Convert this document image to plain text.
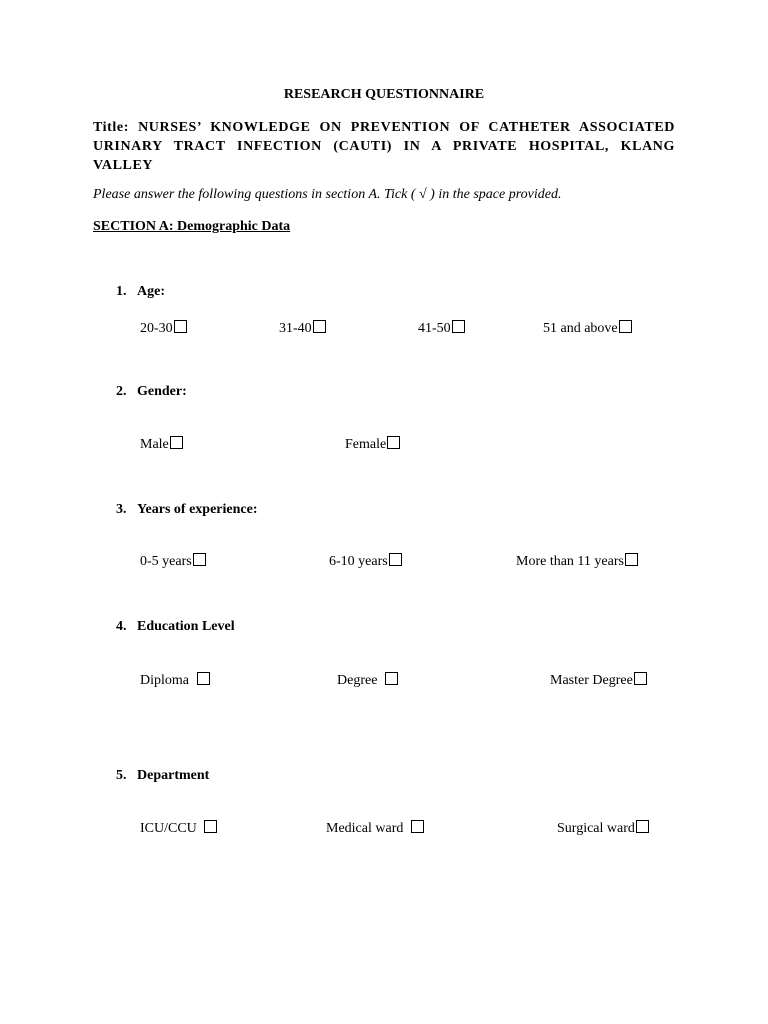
RESEARCH QUESTIONNAIRE
Title: NURSES’ KNOWLEDGE ON PREVENTION OF CATHETER ASSOCIATED URINARY TRACT INFECTION (CAUTI) IN A PRIVATE HOSPITAL, KLANG VALLEY
Please answer the following questions in section A. Tick ( √ ) in the space provided.
SECTION A: Demographic Data
1. Age:
20-30	31-40	41-50	51 and above
2. Gender:
Male	Female
3. Years of experience:
0-5 years	6-10 years	More than 11 years
4. Education Level
Diploma	Degree	Master Degree
5. Department
ICU/CCU	Medical ward	Surgical ward
